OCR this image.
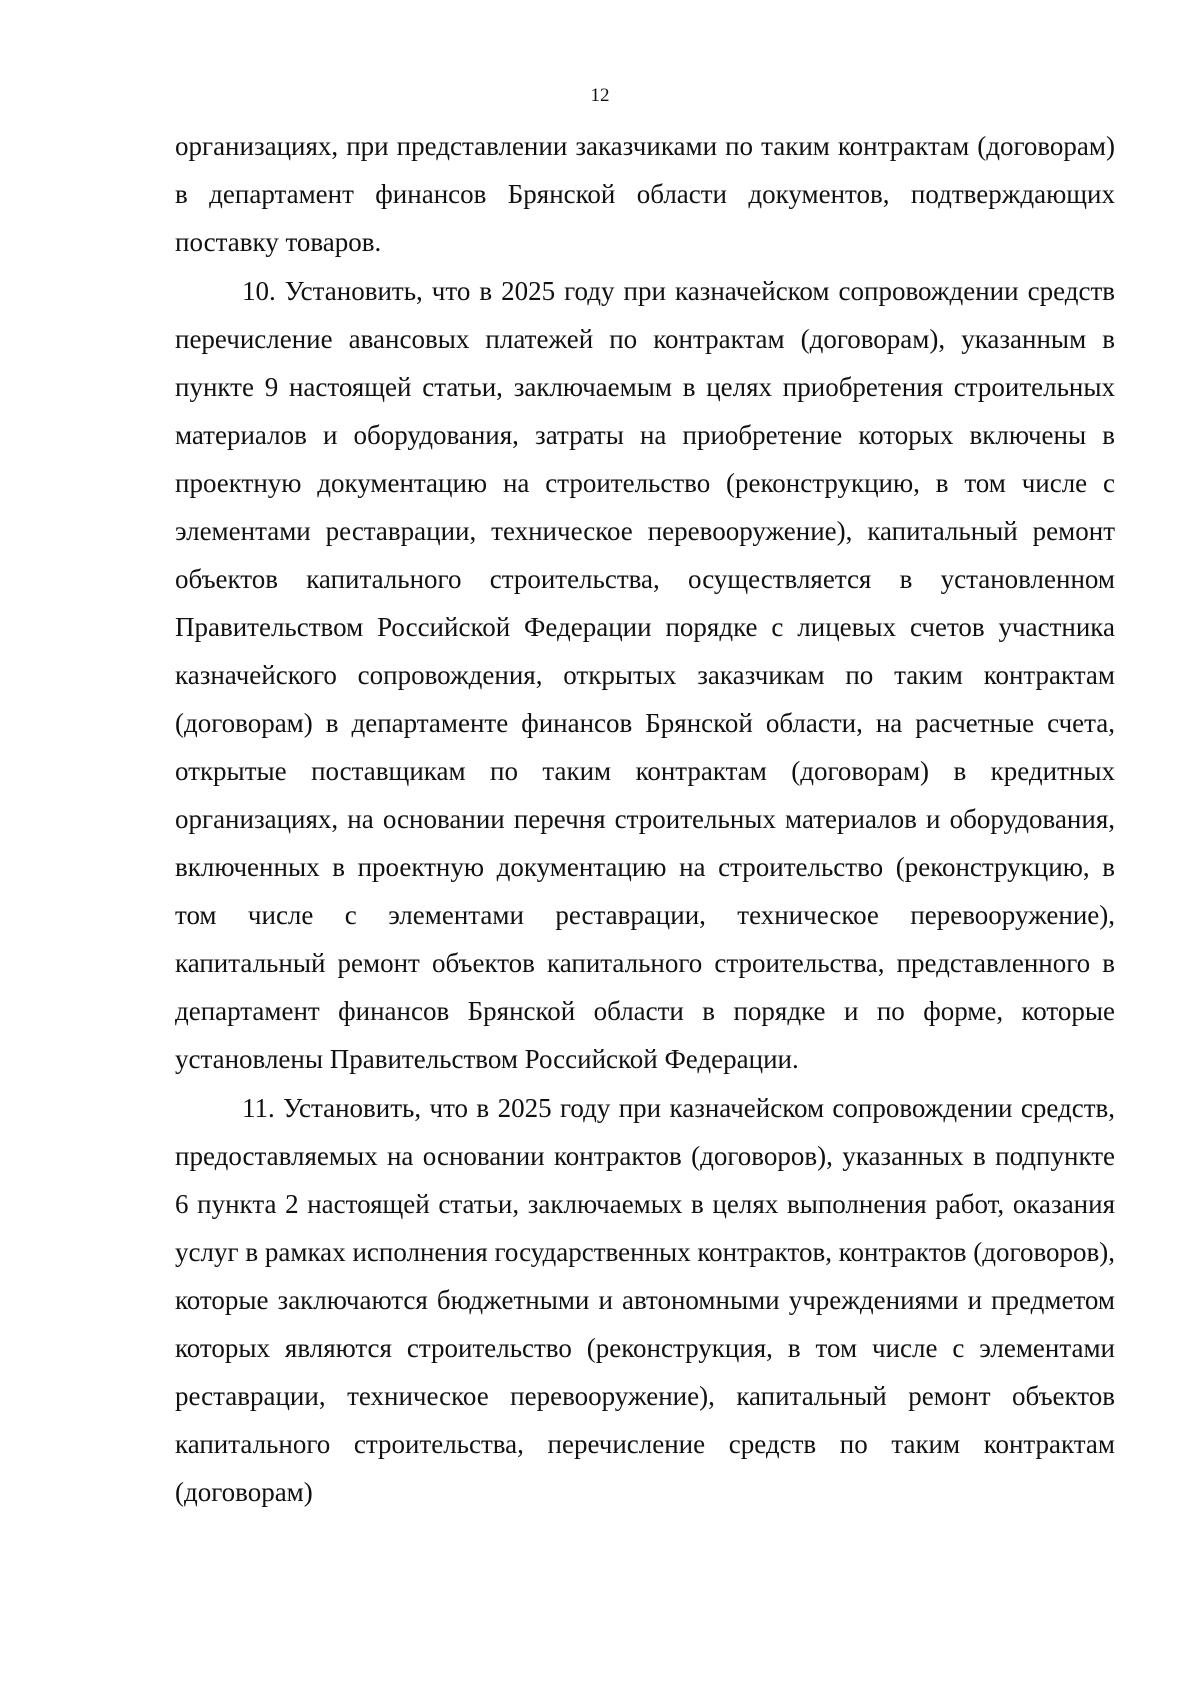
12

организациях, при представлении заказчиками по таким контрактам (договорам) в департамент финансов Брянской области документов, подтверждающих поставку товаров.

10. Установить, что в 2025 году при казначейском сопровождении средств перечисление авансовых платежей по контрактам (договорам), указанным в пункте 9 настоящей статьи, заключаемым в целях приобретения строительных материалов и оборудования, затраты на приобретение которых включены в проектную документацию на строительство (реконструкцию, в том числе с элементами реставрации, техническое перевооружение), капитальный ремонт объектов капитального строительства, осуществляется в установленном Правительством Российской Федерации порядке с лицевых счетов участника казначейского сопровождения, открытых заказчикам по таким контрактам (договорам) в департаменте финансов Брянской области, на расчетные счета, открытые поставщикам по таким контрактам (договорам) в кредитных организациях, на основании перечня строительных материалов и оборудования, включенных в проектную документацию на строительство (реконструкцию, в том числе с элементами реставрации, техническое перевооружение), капитальный ремонт объектов капитального строительства, представленного в департамент финансов Брянской области в порядке и по форме, которые установлены Правительством Российской Федерации.

11. Установить, что в 2025 году при казначейском сопровождении средств, предоставляемых на основании контрактов (договоров), указанных в подпункте 6 пункта 2 настоящей статьи, заключаемых в целях выполнения работ, оказания услуг в рамках исполнения государственных контрактов, контрактов (договоров), которые заключаются бюджетными и автономными учреждениями и предметом которых являются строительство (реконструкция, в том числе с элементами реставрации, техническое перевооружение), капитальный ремонт объектов капитального строительства, перечисление средств по таким контрактам (договорам)
